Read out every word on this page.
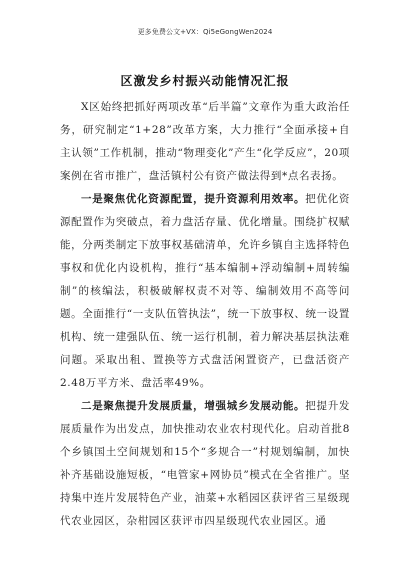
更多免费公文+VX：Qi5eGongWen2024
区激发乡村振兴动能情况汇报

X区始终把抓好两项改革“后半篇”文章作为重大政治任务，研究制定“1+28”改革方案，大力推行“全面承接+自主认领”工作机制，推动“物理变化”产生“化学反应”，20项案例在省市推广，盘活镇村公有资产做法得到*点名表扬。

一是聚焦优化资源配置，提升资源利用效率。把优化资源配置作为突破点，着力盘活存量、优化增量。围绕扩权赋能，分两类制定下放事权基础清单，允许乡镇自主选择特色事权和优化内设机构，推行“基本编制+浮动编制+周转编制”的核编法，积极破解权责不对等、编制效用不高等问题。全面推行“一支队伍管执法”，统一下放事权、统一设置机构、统一建强队伍、统一运行机制，着力解决基层执法难问题。采取出租、置换等方式盘活闲置资产，已盘活资产2.48万平方米、盘活率49%。

二是聚焦提升发展质量，增强城乡发展动能。把提升发展质量作为出发点，加快推动农业农村现代化。启动首批8个乡镇国土空间规划和15个“多规合一”村规划编制，加快补齐基础设施短板，“电管家+网协员”模式在全省推广。坚持集中连片发展特色产业，油菜+水稻园区获评省三星级现代农业园区，杂柑园区获评市四星级现代农业园区。通
